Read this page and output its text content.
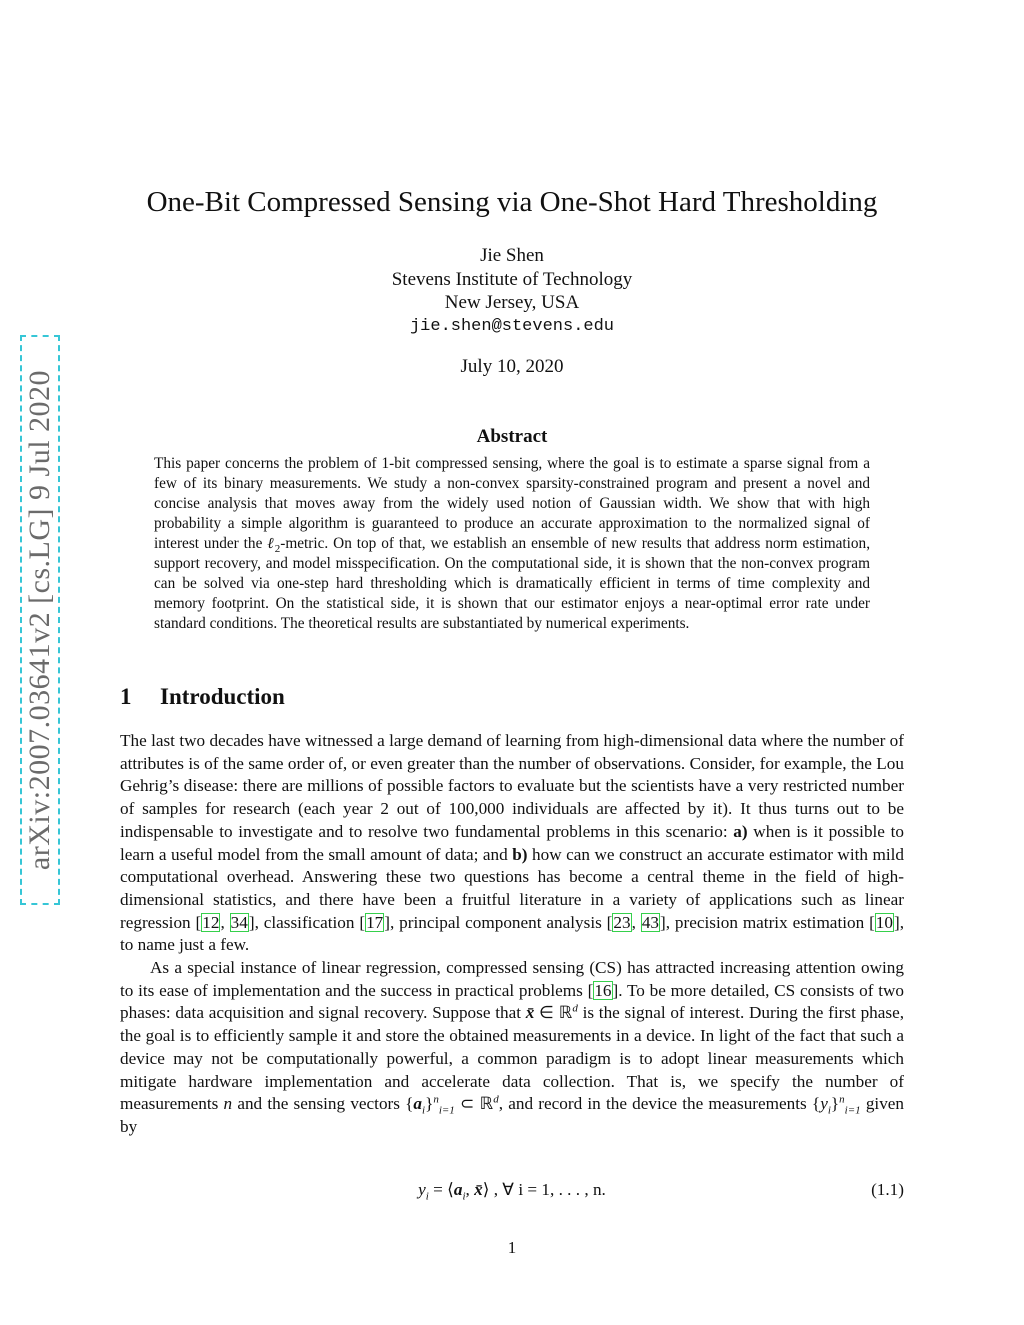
arXiv:2007.03641v2 [cs.LG] 9 Jul 2020
One-Bit Compressed Sensing via One-Shot Hard Thresholding
Jie Shen
Stevens Institute of Technology
New Jersey, USA
jie.shen@stevens.edu
July 10, 2020
Abstract
This paper concerns the problem of 1-bit compressed sensing, where the goal is to estimate a sparse signal from a few of its binary measurements. We study a non-convex sparsity-constrained program and present a novel and concise analysis that moves away from the widely used notion of Gaussian width. We show that with high probability a simple algorithm is guaranteed to produce an accurate approximation to the normalized signal of interest under the ℓ$_2$-metric. On top of that, we establish an ensemble of new results that address norm estimation, support recovery, and model misspecification. On the computational side, it is shown that the non-convex program can be solved via one-step hard thresholding which is dramatically efficient in terms of time complexity and memory footprint. On the statistical side, it is shown that our estimator enjoys a near-optimal error rate under standard conditions. The theoretical results are substantiated by numerical experiments.
1 Introduction

The last two decades have witnessed a large demand of learning from high-dimensional data where the number of attributes is of the same order of, or even greater than the number of observations. Consider, for example, the Lou Gehrig’s disease: there are millions of possible factors to evaluate but the scientists have a very restricted number of samples for research (each year 2 out of 100,000 individuals are affected by it). It thus turns out to be indispensable to investigate and to resolve two fundamental problems in this scenario: a) when is it possible to learn a useful model from the small amount of data; and b) how can we construct an accurate estimator with mild computational overhead. Answering these two questions has become a central theme in the field of high-dimensional statistics, and there have been a fruitful literature in a variety of applications such as linear regression [12, 34], classification [17], principal component analysis [23, 43], precision matrix estimation [10], to name just a few.

As a special instance of linear regression, compressed sensing (CS) has attracted increasing attention owing to its ease of implementation and the success in practical problems [16]. To be more detailed, CS consists of two phases: data acquisition and signal recovery. Suppose that x̄ ∈ ℝ$^d$ is the signal of interest. During the first phase, the goal is to efficiently sample it and store the obtained measurements in a device. In light of the fact that such a device may not be computationally powerful, a common paradigm is to adopt linear measurements which mitigate hardware implementation and accelerate data collection. That is, we specify the number of measurements n and the sensing vectors $\{a_i\}^n_{i=1}$ ⊂ ℝ$^d$, and record in the device the measurements $\{y_i\}^n_{i=1}$ given by

$y_i$ = $⟨a_i$, x̄⟩ , ∀ i = 1, . . . , n.	(1.1)
1
